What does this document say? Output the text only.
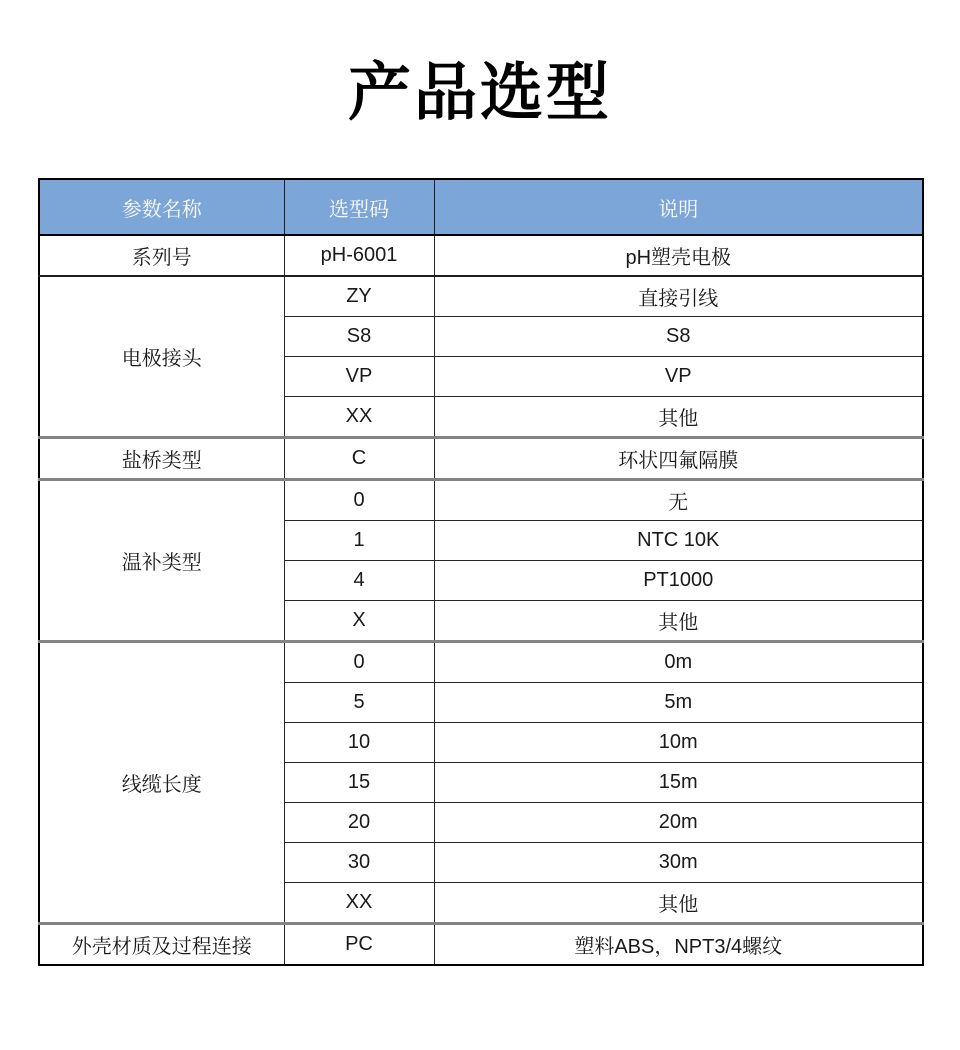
产品选型
参数名称	选型码	说明
系列号	pH-6001	pH塑壳电极
电极接头	ZY	直接引线
	S8	S8
	VP	VP
	XX	其他
盐桥类型	C	环状四氟隔膜
温补类型	0	无
	1	NTC 10K
	4	PT1000
	X	其他
线缆长度	0	0m
	5	5m
	10	10m
	15	15m
	20	20m
	30	30m
	XX	其他
外壳材质及过程连接	PC	塑料ABS，NPT3/4螺纹
